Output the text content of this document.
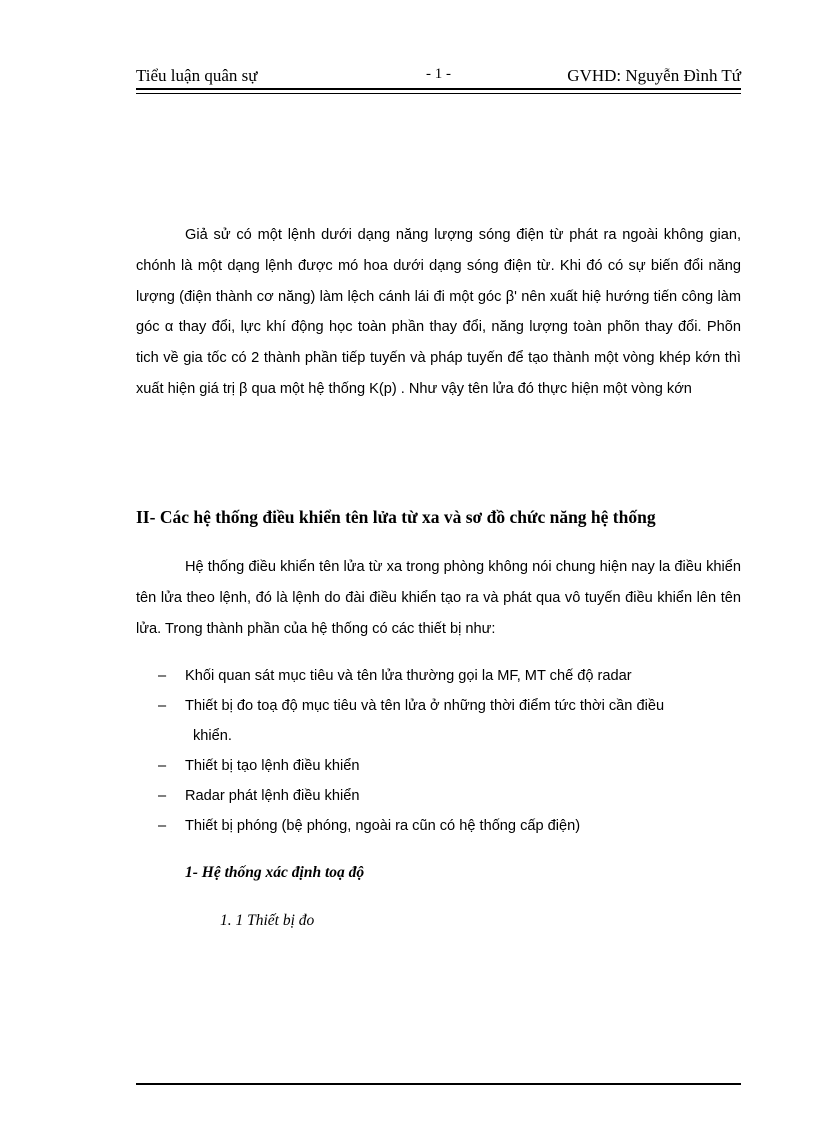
Tiểu luận quân sự	- 1 -	GVHD: Nguyễn Đình Tứ
Giả sử có một lệnh dưới dạng năng lượng sóng điện từ phát ra ngoài không gian, chónh là một dạng lệnh được mó hoa dưới dạng sóng điện từ. Khi đó có sự biến đổi năng lượng (điện thành cơ năng) làm lệch cánh lái đi một góc β' nên xuất hiệ hướng tiến công làm góc α thay đổi, lực khí động học toàn phần thay đổi, năng lượng toàn phõn thay đổi. Phõn tich về gia tốc có 2 thành phần tiếp tuyến và pháp tuyến để tạo thành một vòng khép kớn thì xuất hiện giá trị β qua một hệ thống K(p) . Như vậy tên lửa đó thực hiện một vòng kớn
II- Các hệ thống điều khiển tên lửa từ xa và sơ đồ chức năng hệ thống
Hệ thống điều khiển tên lửa từ xa trong phòng không nói chung hiện nay la điều khiển tên lửa theo lệnh, đó là lệnh do đài điều khiển tạo ra và phát qua vô tuyến điều khiển lên tên lửa. Trong thành phần của hệ thống có các thiết bị như:
– Khối quan sát mục tiêu và tên lửa thường gọi la MF, MT chế độ radar
– Thiết bị đo toạ độ mục tiêu và tên lửa ở những thời điểm tức thời cần điều
khiển.
– Thiết bị tạo lệnh điều khiển
– Radar phát lệnh điều khiển
– Thiết bị phóng (bệ phóng, ngoài ra cũn có hệ thống cấp điện)
1- Hệ thống xác định toạ độ
1. 1 Thiết bị đo
